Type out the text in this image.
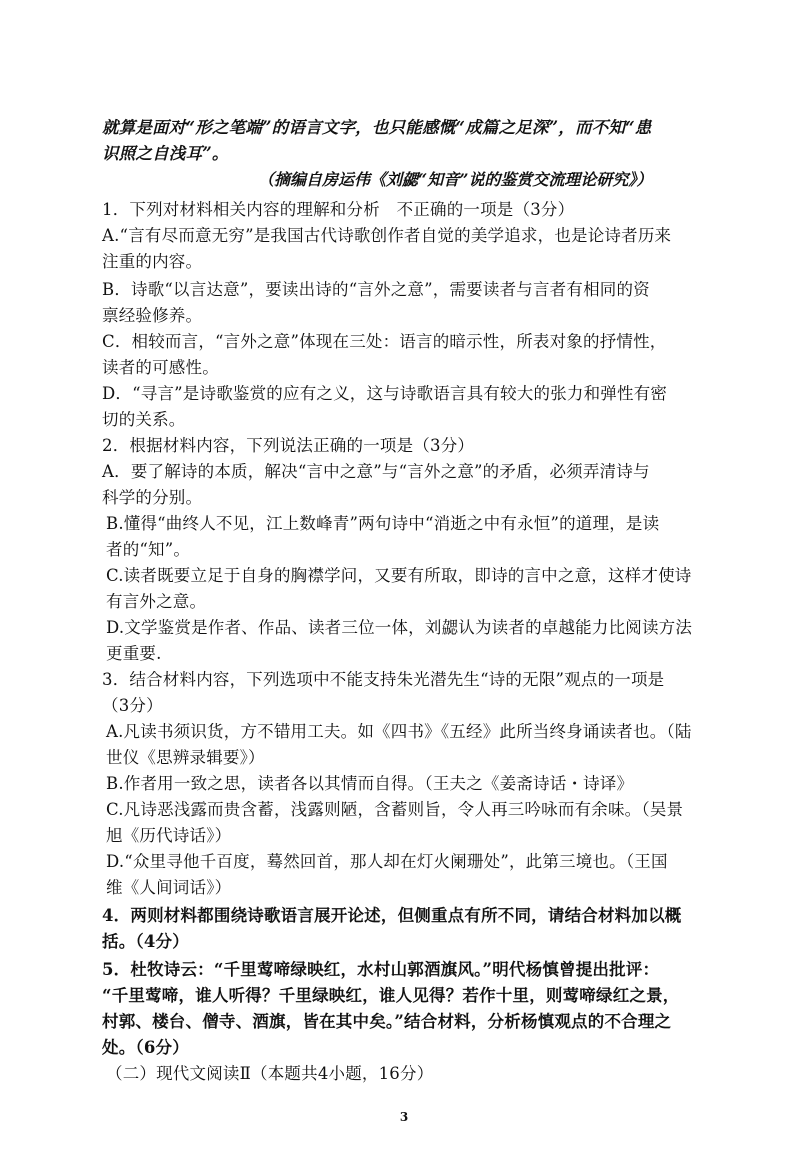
就算是面对“形之笔端”的语言文字，也只能感慨“成篇之足深”，而不知“患
识照之自浅耳”。
（摘编自房运伟《刘勰“知音”说的鉴赏交流理论研究》）
1．下列对材料相关内容的理解和分析　不正确的一项是（3分）
A.“言有尽而意无穷”是我国古代诗歌创作者自觉的美学追求，也是论诗者历来
注重的内容。
B．诗歌“以言达意”，要读出诗的“言外之意”，需要读者与言者有相同的资
禀经验修养。
C．相较而言，“言外之意”体现在三处：语言的暗示性，所表对象的抒情性，
读者的可感性。
D．“寻言”是诗歌鉴赏的应有之义，这与诗歌语言具有较大的张力和弹性有密
切的关系。
2．根据材料内容，下列说法正确的一项是（3分）
A．要了解诗的本质，解决“言中之意”与“言外之意”的矛盾，必须弄清诗与
科学的分别。
B.懂得“曲终人不见，江上数峰青”两句诗中“消逝之中有永恒”的道理，是读
者的“知”。
C.读者既要立足于自身的胸襟学问，又要有所取，即诗的言中之意，这样才使诗
有言外之意。
D.文学鉴赏是作者、作品、读者三位一体，刘勰认为读者的卓越能力比阅读方法
更重要.
3．结合材料内容，下列选项中不能支持朱光潜先生“诗的无限”观点的一项是
（3分）
A.凡读书须识货，方不错用工夫。如《四书》《五经》此所当终身诵读者也。（陆
世仪《思辨录辑要》）
B.作者用一致之思，读者各以其情而自得。（王夫之《姜斋诗话・诗译》
C.凡诗恶浅露而贵含蓄，浅露则陋，含蓄则旨，令人再三吟咏而有余味。（吴景
旭《历代诗话》）
D.“众里寻他千百度，蓦然回首，那人却在灯火阑珊处”，此第三境也。（王国
维《人间词话》）
4．两则材料都围绕诗歌语言展开论述，但侧重点有所不同，请结合材料加以概
括。（4分）
5．杜牧诗云：“千里莺啼绿映红，水村山郭酒旗风。”明代杨慎曾提出批评：
“千里莺啼，谁人听得？千里绿映红，谁人见得？若作十里，则莺啼绿红之景，
村郭、楼台、僧寺、酒旗，皆在其中矣。”结合材料，分析杨慎观点的不合理之
处。（6分）
（二）现代文阅读Ⅱ（本题共4小题，16分）
3
